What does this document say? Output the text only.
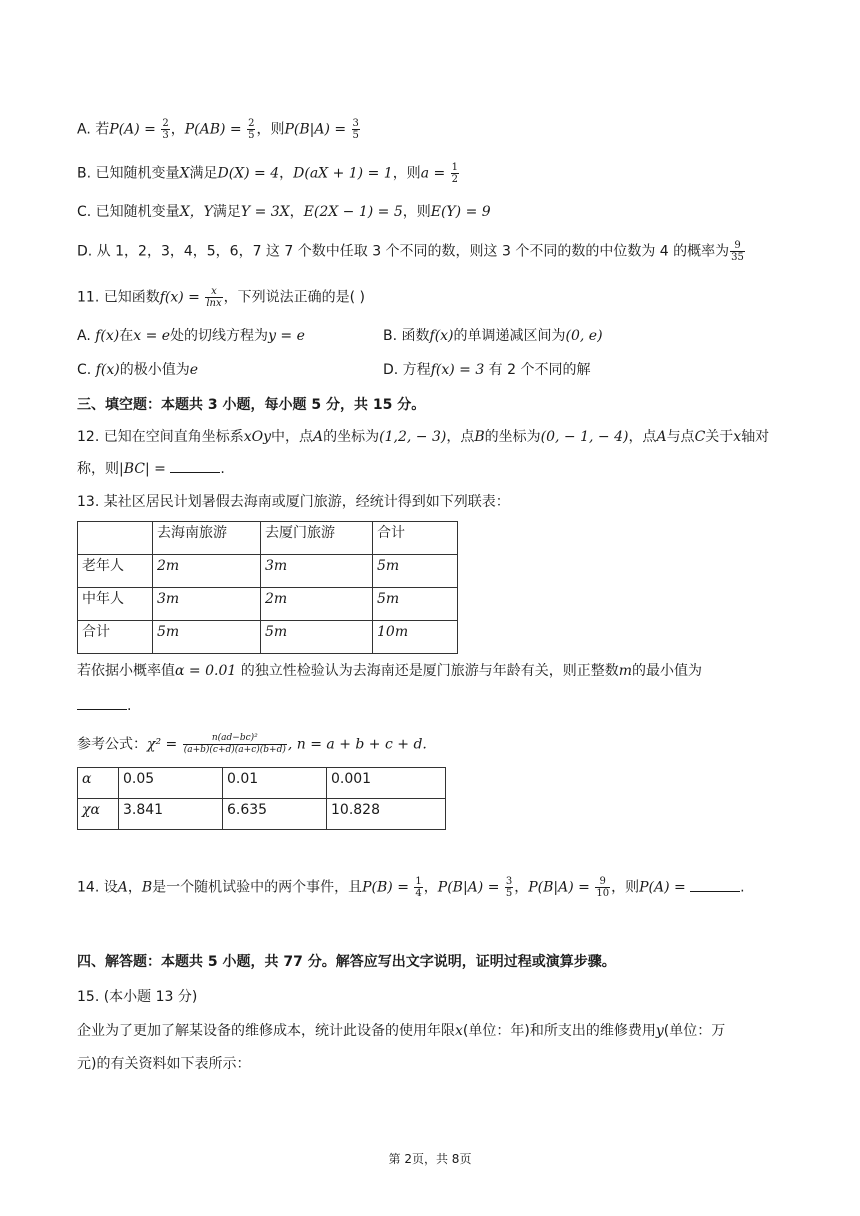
A. 若$P(A) = \frac{2}{3}$ ，$P(AB) = \frac{2}{5}$ ，则$P(B|A) = \frac{3}{5}$
B. 已知随机变量X满足D(X) = 4，D(aX + 1) = 1，则$a = \frac{1}{2}$
C. 已知随机变量X，Y满足Y = 3X，E(2X − 1) = 5，则E(Y) = 9
D. 从 1，2，3，4，5，6，7 这 7 个数中任取 3 个不同的数，则这 3 个不同的数的中位数为 4 的概率为 $\frac{9}{35}$
11. 已知函数$f(x) = \frac{x}{\ln x}$ ，下列说法正确的是( )
A. f(x)在x = e处的切线方程为y = e	B. 函数f(x)的单调递减区间为(0, e)
C. f(x)的极小值为e	D. 方程f(x) = 3 有 2 个不同的解
三、填空题：本题共 3 小题，每小题 5 分，共 15 分。
12. 已知在空间直角坐标系xOy中，点A的坐标为(1,2, − 3)，点B的坐标为(0, − 1, − 4)，点A与点C关于x轴对
称，则|BC| =	.
13. 某社区居民计划暑假去海南或厦门旅游，经统计得到如下列联表：
	去海南旅游	去厦门旅游	合计
老年人	2m	3m	5m
中年人	3m	2m	5m
合计	5m	5m	10m
若依据小概率值α = 0.01 的独立性检验认为去海南还是厦门旅游与年龄有关，则正整数m的最小值为
.
参考公式：$\chi^2 = \frac{\text{n(ad−bc)²}}{(a+b)(c+d)(a+c)(b+d)}$ , n = a + b + c + d.
α	0.05	0.01	0.001
χα	3.841	6.635	10.828
14. 设A，B是一个随机试验中的两个事件，且$P(B) = \frac{1}{4}$ ，$P(B|A) = \frac{3}{5}$ ，$P(B|A) = \frac{9}{10}$ ，则P(A) =	.
四、解答题：本题共 5 小题，共 77 分。解答应写出文字说明，证明过程或演算步骤。
15. (本小题 13 分)
企业为了更加了解某设备的维修成本，统计此设备的使用年限x(单位：年)和所支出的维修费用y(单位：万
元)的有关资料如下表所示：
第 2页，共 8页
